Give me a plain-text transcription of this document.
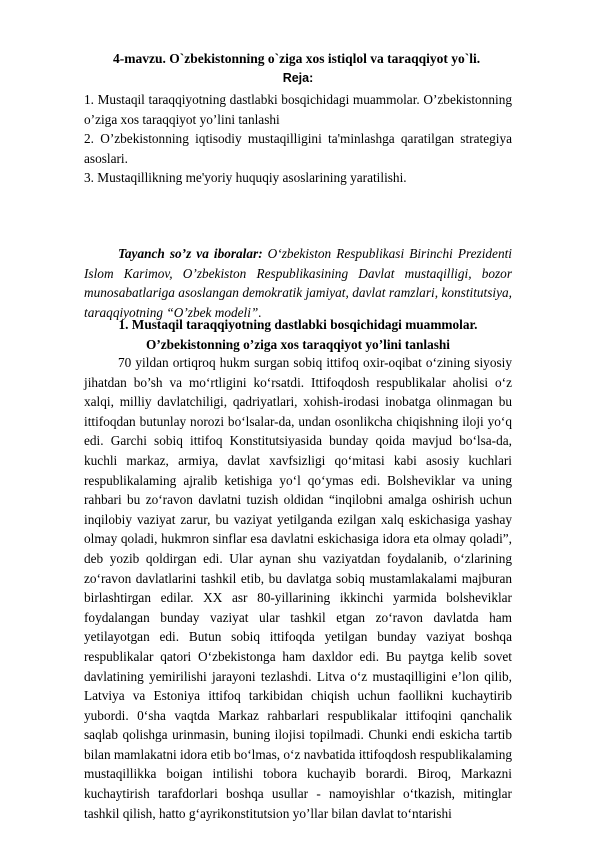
4-mavzu. O`zbekistonning o`ziga xos istiqlol va taraqqiyot yo`li.
Reja:
1. Mustaqil taraqqiyotning dastlabki bosqichidagi muammolar. O’zbekistonning o’ziga xos taraqqiyot yo’lini tanlashi
2. O’zbekistonning iqtisodiy mustaqilligini ta'minlashga qaratilgan strategiya asoslari.
3. Mustaqillikning me'yoriy huquqiy asoslarining yaratilishi.
Tayanch so’z va iboralar: O‘zbekiston Respublikasi Birinchi Prezidenti Islom Karimov, O’zbekiston Respublikasining Davlat mustaqilligi, bozor munosabatlariga asoslangan demokratik jamiyat, davlat ramzlari, konstitutsiya, taraqqiyotning “O’zbek modeli”.
1. Mustaqil taraqqiyotning dastlabki bosqichidagi muammolar.
O’zbekistonning o’ziga xos taraqqiyot yo’lini tanlashi

70 yildan ortiqroq hukm surgan sobiq ittifoq oxir-oqibat o‘zining siyosiy jihatdan bo’sh va mo‘rtligini ko‘rsatdi. Ittifoqdosh respublikalar aholisi o‘z xalqi, milliy davlatchiligi, qadriyatlari, xohish-irodasi inobatga olinmagan bu ittifoqdan butunlay norozi bo‘lsalar-da, undan osonlikcha chiqishning iloji yo‘q edi. Garchi sobiq ittifoq Konstitutsiyasida bunday qoida mavjud bo‘lsa-da, kuchli markaz, armiya, davlat xavfsizligi qo‘mitasi kabi asosiy kuchlari respublikalaming ajralib ketishiga yo‘l qo‘ymas edi. Bolsheviklar va uning rahbari bu zo‘ravon davlatni tuzish oldidan “inqilobni amalga oshirish uchun inqilobiy vaziyat zarur, bu vaziyat yetilganda ezilgan xalq eskichasiga yashay olmay qoladi, hukmron sinflar esa davlatni eskichasiga idora eta olmay qoladi”, deb yozib qoldirgan edi. Ular aynan shu vaziyatdan foydalanib, o‘zlarining zo‘ravon davlatlarini tashkil etib, bu davlatga sobiq mustamlakalami majburan birlashtirgan edilar. XX asr 80-yillarining ikkinchi yarmida bolsheviklar foydalangan bunday vaziyat ular tashkil etgan zo‘ravon davlatda ham yetilayotgan edi. Butun sobiq ittifoqda yetilgan bunday vaziyat boshqa respublikalar qatori O‘zbekistonga ham daxldor edi. Bu paytga kelib sovet davlatining yemirilishi jarayoni tezlashdi. Litva o‘z mustaqilligini e’lon qilib, Latviya va Estoniya ittifoq tarkibidan chiqish uchun faollikni kuchaytirib yubordi. 0‘sha vaqtda Markaz rahbarlari respublikalar ittifoqini qanchalik saqlab qolishga urinmasin, buning ilojisi topilmadi. Chunki endi eskicha tartib bilan mamlakatni idora etib bo‘lmas, o‘z navbatida ittifoqdosh respublikalaming mustaqillikka boigan intilishi tobora kuchayib borardi. Biroq, Markazni kuchaytirish tarafdorlari boshqa usullar - namoyishlar o‘tkazish, mitinglar tashkil qilish, hatto g‘ayrikonstitutsion yo’llar bilan davlat to‘ntarishi
